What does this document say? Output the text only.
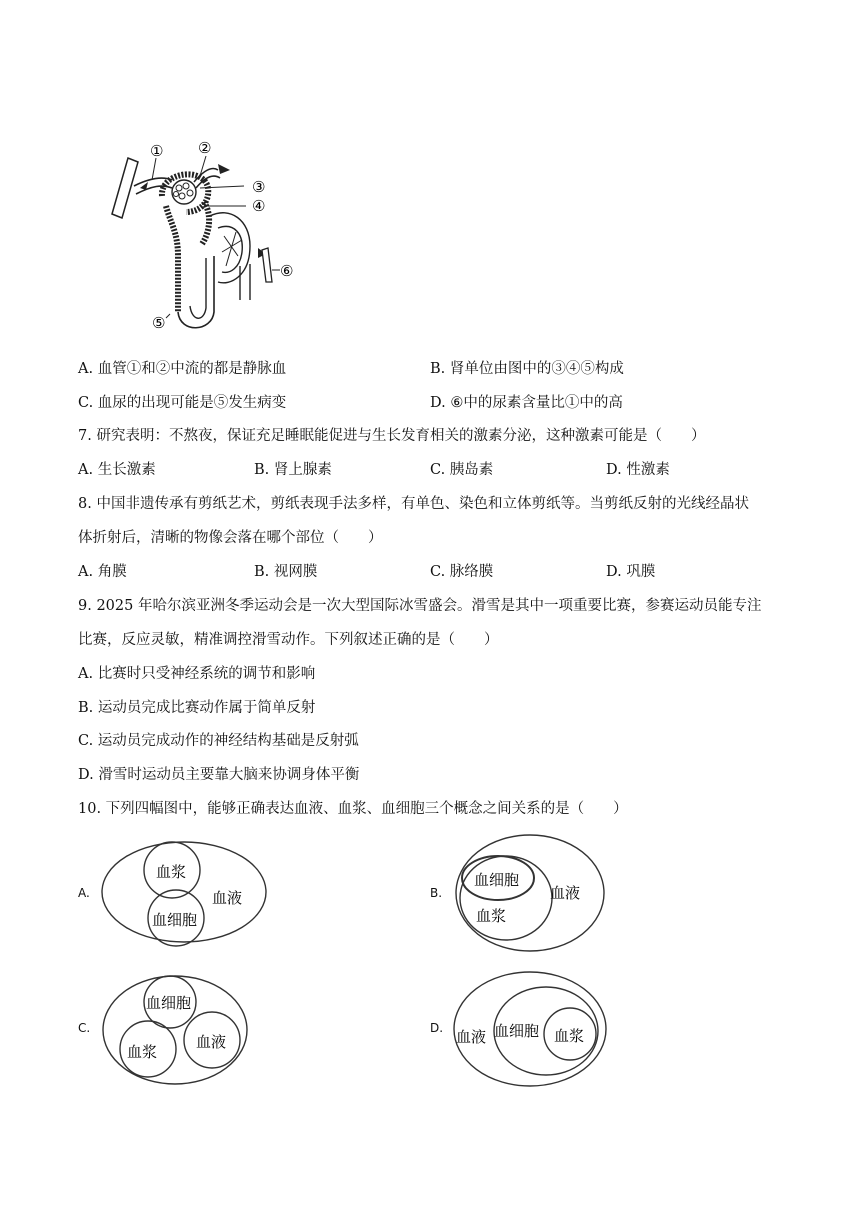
① ②
③
④
⑤
⑥
A. 血管①和②中流的都是静脉血	B. 肾单位由图中的③④⑤构成
C. 血尿的出现可能是⑤发生病变	D. ⑥中的尿素含量比①中的高
7. 研究表明：不熬夜，保证充足睡眠能促进与生长发育相关的激素分泌，这种激素可能是（　　）
A. 生长激素	B. 肾上腺素	C. 胰岛素	D. 性激素
8. 中国非遗传承有剪纸艺术，剪纸表现手法多样，有单色、染色和立体剪纸等。当剪纸反射的光线经晶状
体折射后，清晰的物像会落在哪个部位（　　）
A. 角膜	B. 视网膜	C. 脉络膜	D. 巩膜
9. 2025 年哈尔滨亚洲冬季运动会是一次大型国际冰雪盛会。滑雪是其中一项重要比赛，参赛运动员能专注
比赛，反应灵敏，精准调控滑雪动作。下列叙述正确的是（　　）
A. 比赛时只受神经系统的调节和影响
B. 运动员完成比赛动作属于简单反射
C. 运动员完成动作的神经结构基础是反射弧
D. 滑雪时运动员主要靠大脑来协调身体平衡
10. 下列四幅图中，能够正确表达血液、血浆、血细胞三个概念之间关系的是（　　）
A.
血浆
血细胞
血液	B.
血细胞
血浆
血液
C.
血细胞
血浆
血液
D. 血液 血细胞 血浆
